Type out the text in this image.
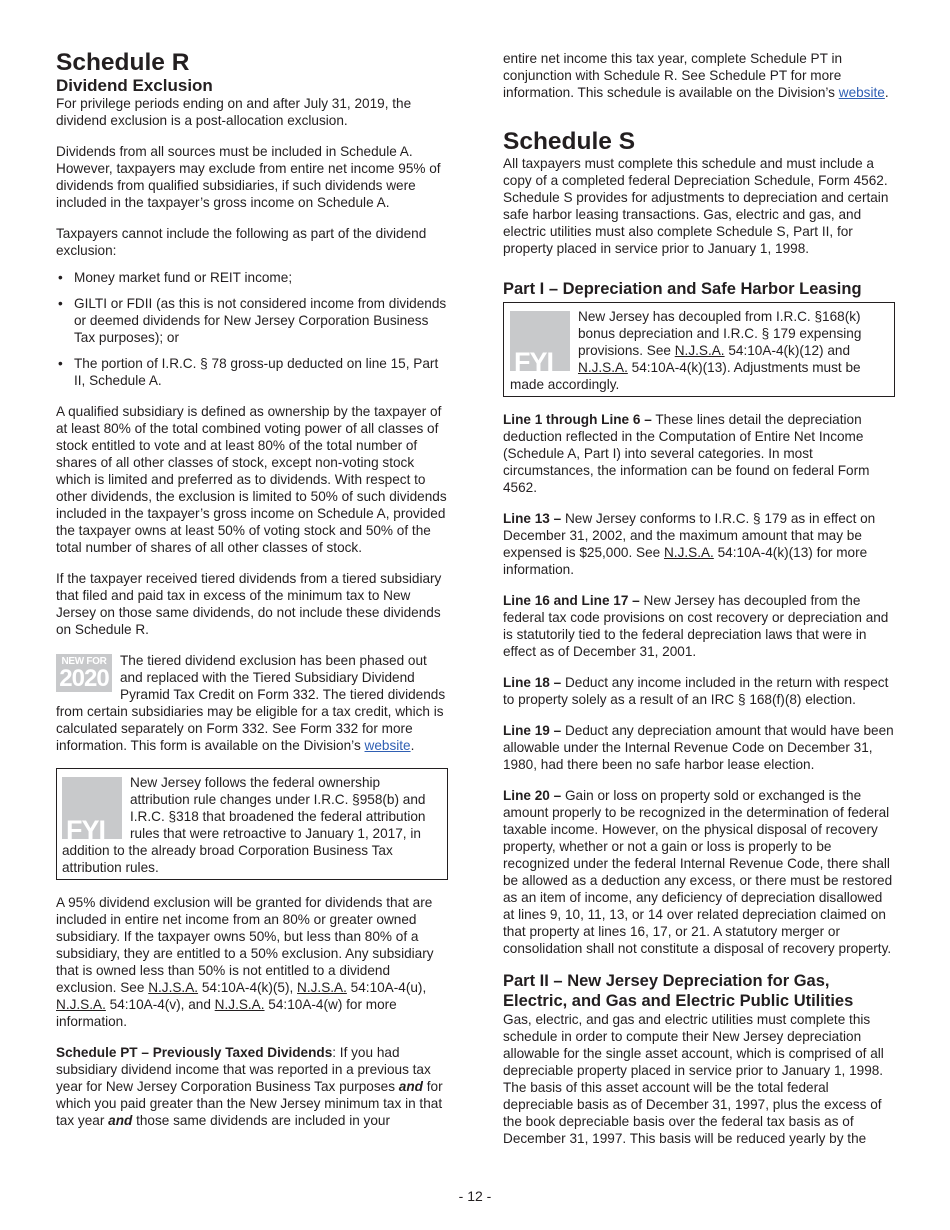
Schedule R
Dividend Exclusion

For privilege periods ending on and after July 31, 2019, the dividend exclusion is a post-allocation exclusion.

Dividends from all sources must be included in Schedule A. However, taxpayers may exclude from entire net income 95% of dividends from qualified subsidiaries, if such dividends were included in the taxpayer’s gross income on Schedule A.

Taxpayers cannot include the following as part of the dividend exclusion:

• Money market fund or REIT income;
• GILTI or FDII (as this is not considered income from dividends or deemed dividends for New Jersey Corporation Business Tax purposes); or
• The portion of I.R.C. § 78 gross-up deducted on line 15, Part II, Schedule A.

A qualified subsidiary is defined as ownership by the taxpayer of at least 80% of the total combined voting power of all classes of stock entitled to vote and at least 80% of the total number of shares of all other classes of stock, except non-voting stock which is limited and preferred as to dividends. With respect to other dividends, the exclusion is limited to 50% of such dividends included in the taxpayer’s gross income on Schedule A, provided the taxpayer owns at least 50% of voting stock and 50% of the total number of shares of all other classes of stock.

If the taxpayer received tiered dividends from a tiered subsidiary that filed and paid tax in excess of the minimum tax to New Jersey on those same dividends, do not include these dividends on Schedule R.

NEW FOR
2020
The tiered dividend exclusion has been phased out and replaced with the Tiered Subsidiary Dividend Pyramid Tax Credit on Form 332. The tiered dividends from certain subsidiaries may be eligible for a tax credit, which is calculated separately on Form 332. See Form 332 for more information. This form is available on the Division’s website.
FYI
New Jersey follows the federal ownership attribution rule changes under I.R.C. §958(b) and I.R.C. §318 that broadened the federal attribution rules that were retroactive to January 1, 2017, in addition to the already broad Corporation Business Tax attribution rules.

A 95% dividend exclusion will be granted for dividends that are included in entire net income from an 80% or greater owned subsidiary. If the taxpayer owns 50%, but less than 80% of a subsidiary, they are entitled to a 50% exclusion. Any subsidiary that is owned less than 50% is not entitled to a dividend exclusion. See N.J.S.A. 54:10A-4(k)(5), N.J.S.A. 54:10A-4(u), N.J.S.A. 54:10A-4(v), and N.J.S.A. 54:10A-4(w) for more information.

Schedule PT – Previously Taxed Dividends: If you had subsidiary dividend income that was reported in a previous tax year for New Jersey Corporation Business Tax purposes and for which you paid greater than the New Jersey minimum tax in that tax year and those same dividends are included in your

entire net income this tax year, complete Schedule PT in conjunction with Schedule R. See Schedule PT for more information. This schedule is available on the Division’s website.

Schedule S

All taxpayers must complete this schedule and must include a copy of a completed federal Depreciation Schedule, Form 4562. Schedule S provides for adjustments to depreciation and certain safe harbor leasing transactions. Gas, electric and gas, and electric utilities must also complete Schedule S, Part II, for property placed in service prior to January 1, 1998.

Part I – Depreciation and Safe Harbor Leasing
FYI
New Jersey has decoupled from I.R.C. §168(k) bonus depreciation and I.R.C. § 179 expensing provisions. See N.J.S.A. 54:10A-4(k)(12) and N.J.S.A. 54:10A-4(k)(13). Adjustments must be made accordingly.

Line 1 through Line 6 – These lines detail the depreciation deduction reflected in the Computation of Entire Net Income (Schedule A, Part I) into several categories. In most circumstances, the information can be found on federal Form 4562.

Line 13 – New Jersey conforms to I.R.C. § 179 as in effect on December 31, 2002, and the maximum amount that may be expensed is $25,000. See N.J.S.A. 54:10A-4(k)(13) for more information.

Line 16 and Line 17 – New Jersey has decoupled from the federal tax code provisions on cost recovery or depreciation and is statutorily tied to the federal depreciation laws that were in effect as of December 31, 2001.

Line 18 – Deduct any income included in the return with respect to property solely as a result of an IRC § 168(f)(8) election.

Line 19 – Deduct any depreciation amount that would have been allowable under the Internal Revenue Code on December 31, 1980, had there been no safe harbor lease election.

Line 20 – Gain or loss on property sold or exchanged is the amount properly to be recognized in the determination of federal taxable income. However, on the physical disposal of recovery property, whether or not a gain or loss is properly to be recognized under the federal Internal Revenue Code, there shall be allowed as a deduction any excess, or there must be restored as an item of income, any deficiency of depreciation disallowed at lines 9, 10, 11, 13, or 14 over related depreciation claimed on that property at lines 16, 17, or 21. A statutory merger or consolidation shall not constitute a disposal of recovery property.

Part II – New Jersey Depreciation for Gas, Electric, and Gas and Electric Public Utilities

Gas, electric, and gas and electric utilities must complete this schedule in order to compute their New Jersey depreciation allowable for the single asset account, which is comprised of all depreciable property placed in service prior to January 1, 1998. The basis of this asset account will be the total federal depreciable basis as of December 31, 1997, plus the excess of the book depreciable basis over the federal tax basis as of December 31, 1997. This basis will be reduced yearly by the

- 12 -
